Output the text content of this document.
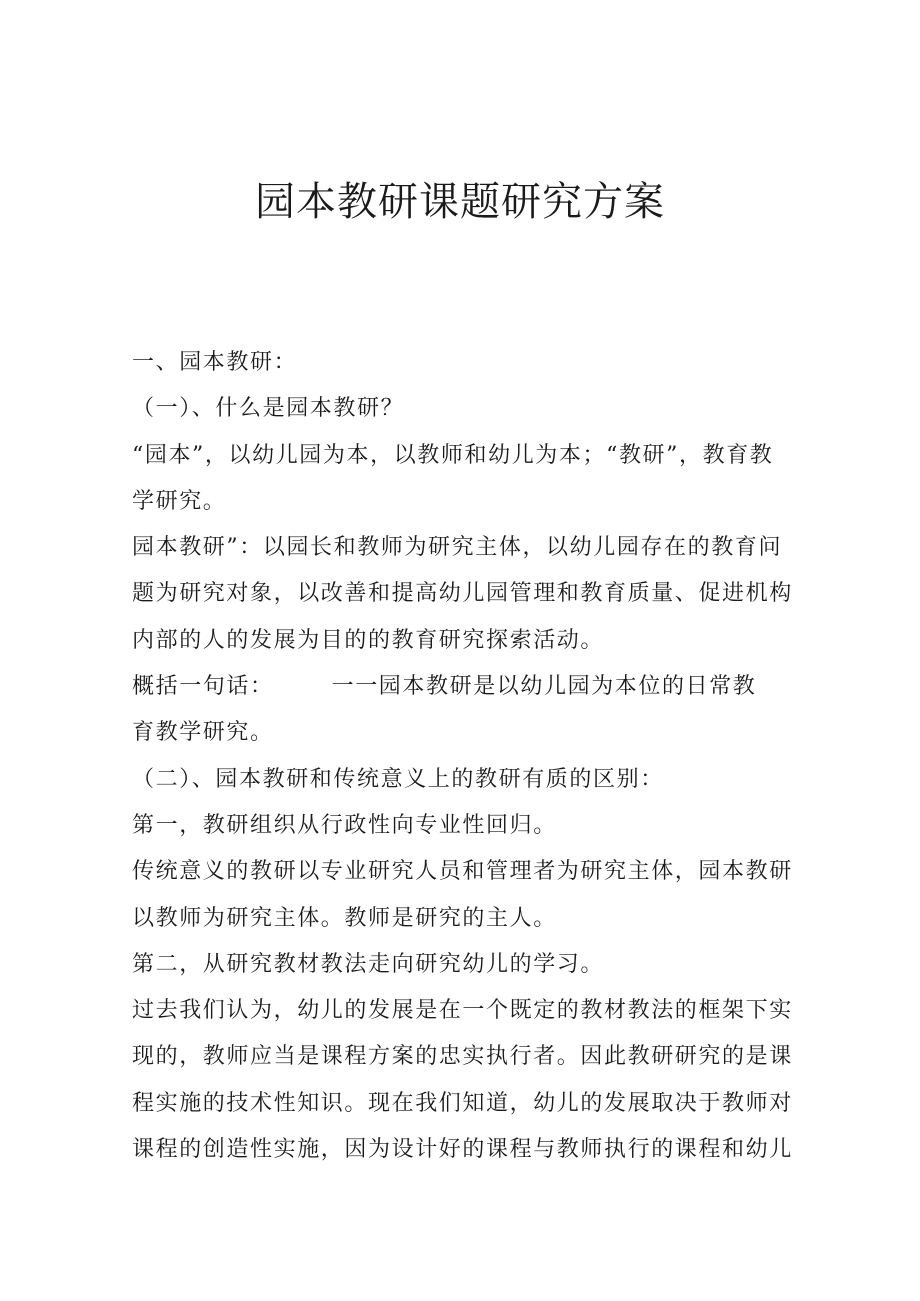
园本教研课题研究方案

一、园本教研：

（一）、什么是园本教研？

“园本”，以幼儿园为本，以教师和幼儿为本；“教研”，教育教学研究。

园本教研”：以园长和教师为研究主体，以幼儿园存在的教育问题为研究对象，以改善和提高幼儿园管理和教育质量、促进机构内部的人的发展为目的的教育研究探索活动。

概括一句话：	一一园本教研是以幼儿园为本位的日常教

育教学研究。

（二）、园本教研和传统意义上的教研有质的区别：

第一，教研组织从行政性向专业性回归。

传统意义的教研以专业研究人员和管理者为研究主体，园本教研以教师为研究主体。教师是研究的主人。

第二，从研究教材教法走向研究幼儿的学习。

过去我们认为，幼儿的发展是在一个既定的教材教法的框架下实现的，教师应当是课程方案的忠实执行者。因此教研研究的是课程实施的技术性知识。现在我们知道，幼儿的发展取决于教师对课程的创造性实施，因为设计好的课程与教师执行的课程和幼儿
